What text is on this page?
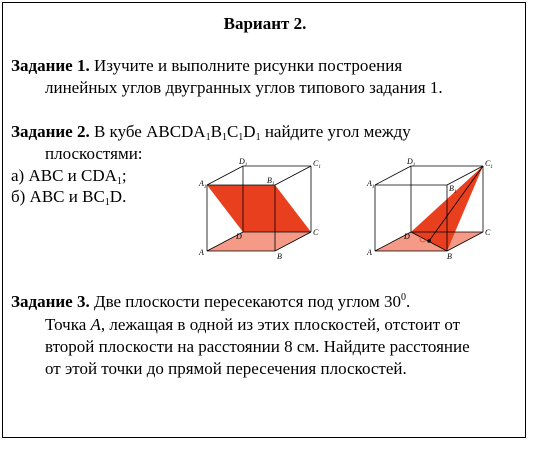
Вариант 2.
Задание 1. Изучите и выполните рисунки построения
линейных углов двугранных углов типового задания 1.
Задание 2. В кубе $ABCDA_1B_1C_1D_1$ найдите угол между
плоскостями:
а) ABC и $CDA_1$;
б) ABC и $BC_1D$.
$D_1$	$C_1$
$A_1$
$B_1$
D	C
A	B
$D_1$	$C_1$
$A_1$	$B_1$
D	C
A	B
Задание 3. Две плоскости пересекаются под углом $30^0$.
Точка A, лежащая в одной из этих плоскостей, отстоит от
второй плоскости на расстоянии 8 см. Найдите расстояние
от этой точки до прямой пересечения плоскостей.
